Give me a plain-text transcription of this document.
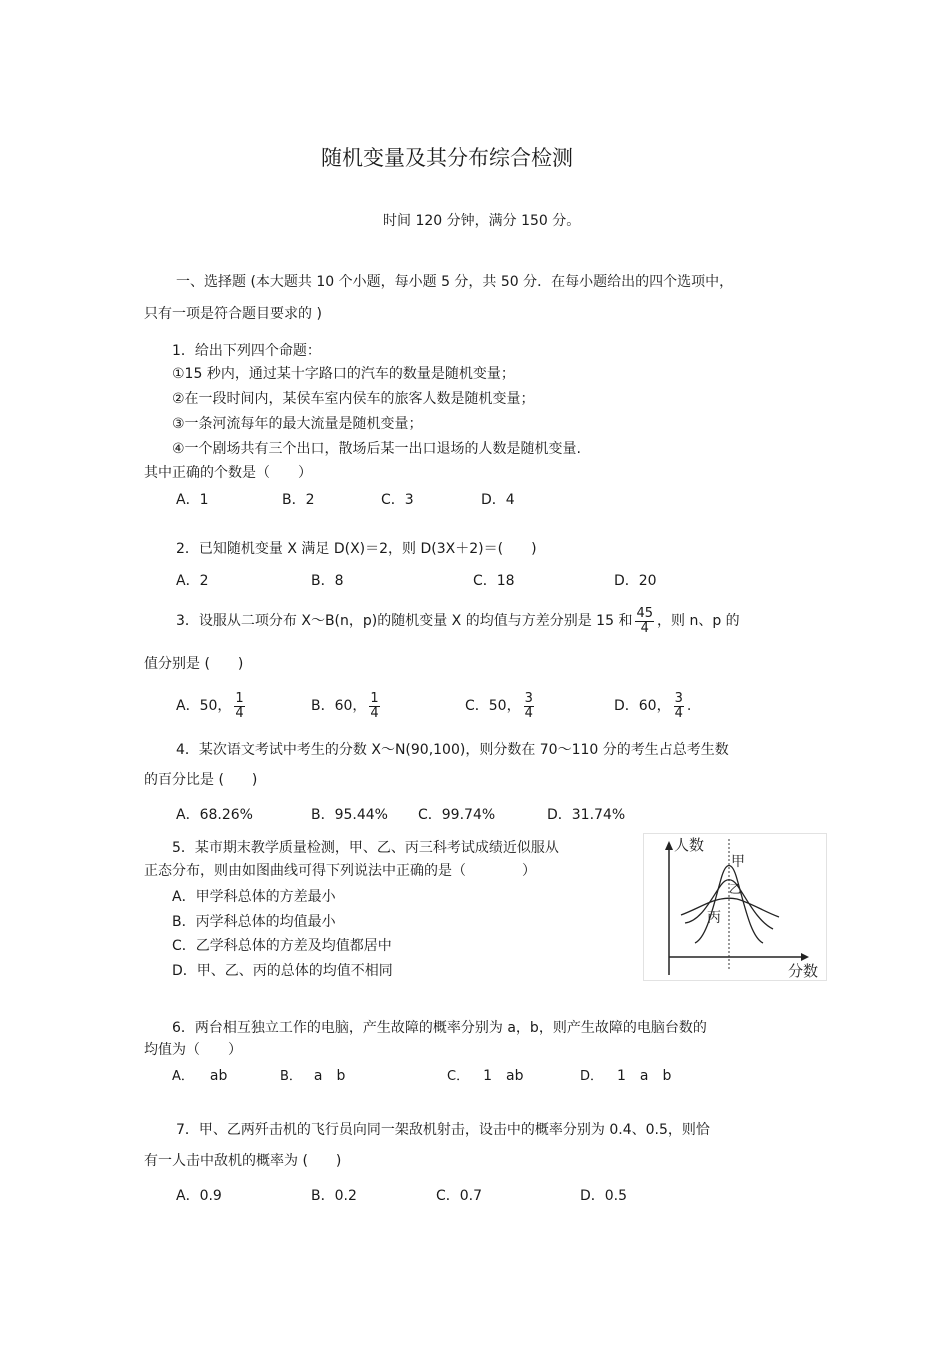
随机变量及其分布综合检测
时间 120 分钟，满分 150 分。
一、选择题 (本大题共 10 个小题，每小题 5 分，共 50 分．在每小题给出的四个选项中，
只有一项是符合题目要求的 )
1．给出下列四个命题：
①15 秒内，通过某十字路口的汽车的数量是随机变量；
②在一段时间内，某侯车室内侯车的旅客人数是随机变量；
③一条河流每年的最大流量是随机变量；
④一个剧场共有三个出口，散场后某一出口退场的人数是随机变量.
其中正确的个数是（　　）
A．1	B．2	C．3	D．4
2．已知随机变量 X 满足 D(X)＝2，则 D(3X＋2)＝(　　)
A．2	B．8	C．18	D．20
3．设服从二项分布 X～B(n，p)的随机变量 X 的均值与方差分别是 15 和 $\frac{45}{4}$ ，则 n、p 的
值分别是 (　　)
A．50， $\frac{1}{4}$	B．60， $\frac{1}{4}$	C．50， $\frac{3}{4}$	D．60， $\frac{3}{4}$ .
4．某次语文考试中考生的分数 X～N(90,100)，则分数在 70～110 分的考生占总考生数
的百分比是 (　　)
A．68.26%	B．95.44% C．99.74%	D．31.74%
5．某市期末教学质量检测，甲、乙、丙三科考试成绩近似服从
正态分布，则由如图曲线可得下列说法中正确的是（　　　　）
A．甲学科总体的方差最小
B．丙学科总体的均值最小
C．乙学科总体的方差及均值都居中
D．甲、乙、丙的总体的均值不相同
人数
分数
甲
乙
丙
6．两台相互独立工作的电脑，产生故障的概率分别为 a，b，则产生故障的电脑台数的
均值为（　　）
A． ab	B． a　b	C． 1　ab	D． 1　a　b
7．甲、乙两歼击机的飞行员向同一架敌机射击，设击中的概率分别为 0.4、0.5，则恰
有一人击中敌机的概率为 (　　)
A．0.9	B．0.2	C．0.7	D．0.5
